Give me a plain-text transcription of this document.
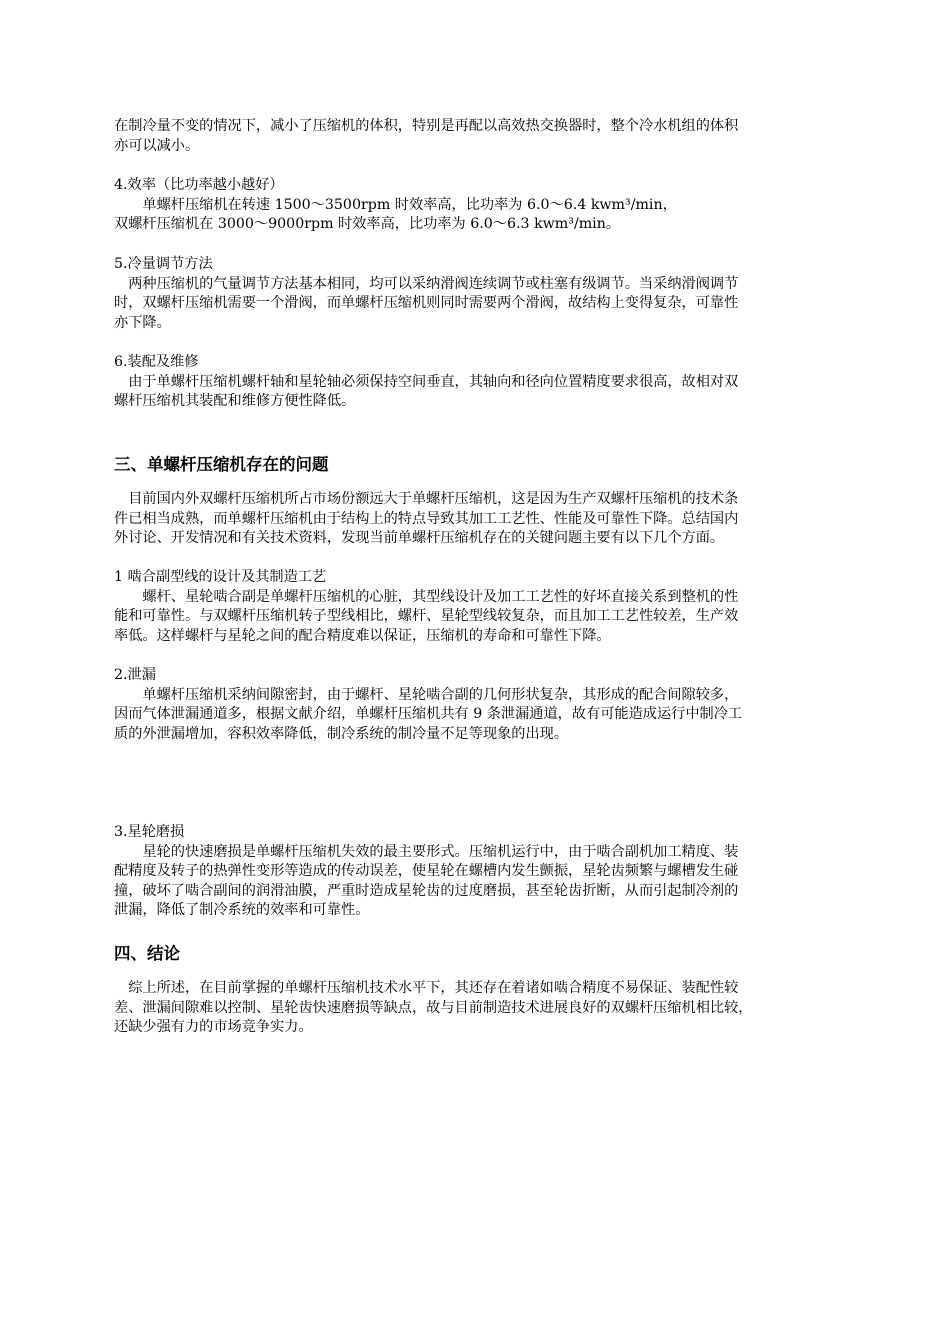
在制冷量不变的情况下，减小了压缩机的体积，特别是再配以高效热交换器时，整个冷水机组的体积
亦可以减小。
4.效率（比功率越小越好）
　　单螺杆压缩机在转速 1500～3500rpm 时效率高，比功率为 6.0～6.4 kwm³/min，
双螺杆压缩机在 3000～9000rpm 时效率高，比功率为 6.0～6.3 kwm³/min。
5.冷量调节方法
　两种压缩机的气量调节方法基本相同，均可以采纳滑阀连续调节或柱塞有级调节。当采纳滑阀调节
时，双螺杆压缩机需要一个滑阀，而单螺杆压缩机则同时需要两个滑阀，故结构上变得复杂，可靠性
亦下降。
6.装配及维修
　由于单螺杆压缩机螺杆轴和星轮轴必须保持空间垂直，其轴向和径向位置精度要求很高，故相对双
螺杆压缩机其装配和维修方便性降低。
三、单螺杆压缩机存在的问题
　目前国内外双螺杆压缩机所占市场份额远大于单螺杆压缩机，这是因为生产双螺杆压缩机的技术条
件已相当成熟，而单螺杆压缩机由于结构上的特点导致其加工工艺性、性能及可靠性下降。总结国内
外讨论、开发情况和有关技术资料，发现当前单螺杆压缩机存在的关键问题主要有以下几个方面。
1 啮合副型线的设计及其制造工艺
　　螺杆、星轮啮合副是单螺杆压缩机的心脏，其型线设计及加工工艺性的好坏直接关系到整机的性
能和可靠性。与双螺杆压缩机转子型线相比，螺杆、星轮型线较复杂，而且加工工艺性较差，生产效
率低。这样螺杆与星轮之间的配合精度难以保证，压缩机的寿命和可靠性下降。
2.泄漏
　　单螺杆压缩机采纳间隙密封，由于螺杆、星轮啮合副的几何形状复杂，其形成的配合间隙较多，
因而气体泄漏通道多，根据文献介绍，单螺杆压缩机共有 9 条泄漏通道，故有可能造成运行中制冷工
质的外泄漏增加，容积效率降低，制冷系统的制冷量不足等现象的出现。
3.星轮磨损
　　星轮的快速磨损是单螺杆压缩机失效的最主要形式。压缩机运行中，由于啮合副机加工精度、装
配精度及转子的热弹性变形等造成的传动误差，使星轮在螺槽内发生颤振，星轮齿频繁与螺槽发生碰
撞，破坏了啮合副间的润滑油膜，严重时造成星轮齿的过度磨损，甚至轮齿折断，从而引起制冷剂的
泄漏，降低了制冷系统的效率和可靠性。
四、结论
　综上所述，在目前掌握的单螺杆压缩机技术水平下，其还存在着诸如啮合精度不易保证、装配性较
差、泄漏间隙难以控制、星轮齿快速磨损等缺点，故与目前制造技术进展良好的双螺杆压缩机相比较，
还缺少强有力的市场竞争实力。
